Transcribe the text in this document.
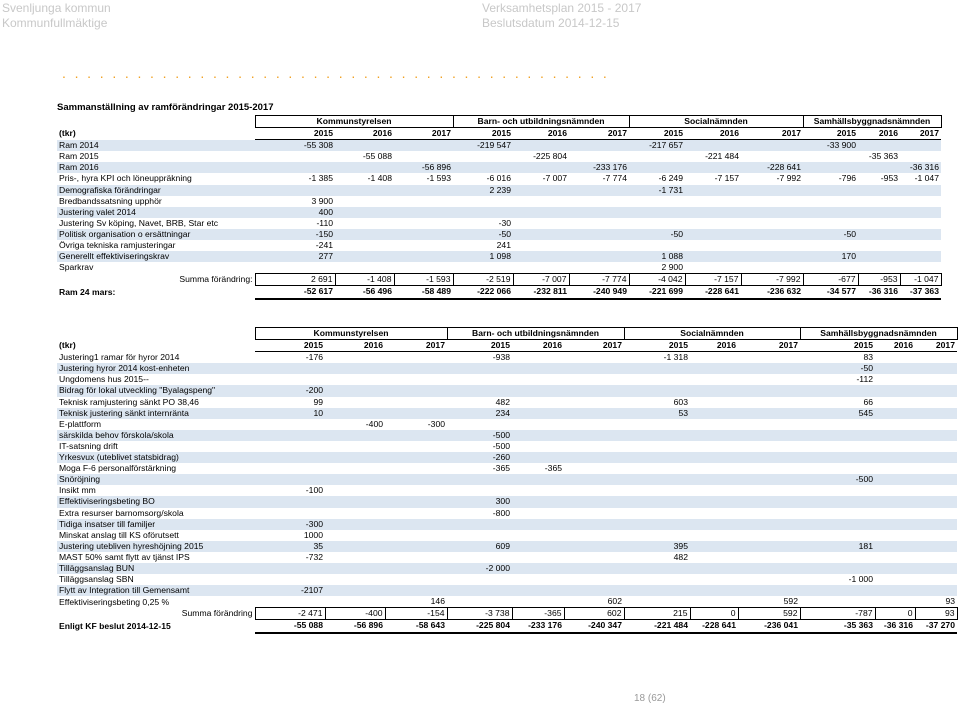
Svenljunga kommun
Kommunfullmäktige
Verksamhetsplan 2015 - 2017
Beslutsdatum 2014-12-15
. . . . . . . . . . . . . . . . . . . . . . . . . . . . . . . . . . . . . . . . . . . .
Sammanställning av ramförändringar 2015-2017
	Kommunstyrelsen			Barn- och utbildningsnämnden			Socialnämnden			Samhällsbyggnadsnämnden		
(tkr)	2015	2016	2017	2015	2016	2017	2015	2016	2017	2015	2016	2017
Ram 2014	-55 308			-219 547			-217 657			-33 900		
Ram 2015		-55 088			-225 804			-221 484			-35 363	
Ram 2016			-56 896			-233 176			-228 641			-36 316
Pris-, hyra KPI och löneuppräkning	-1 385	-1 408	-1 593	-6 016	-7 007	-7 774	-6 249	-7 157	-7 992	-796	-953	-1 047
Demografiska förändringar				2 239			-1 731					
Bredbandssatsning upphör	3 900											
Justering valet 2014	400											
Justering Sv köping, Navet, BRB, Star etc	-110			-30								
Politisk organisation o ersättningar	-150			-50			-50			-50		
Övriga tekniska ramjusteringar	-241			241								
Generellt effektiviseringskrav	277			1 098			1 088			170		
Sparkrav							2 900					
Summa förändring:	2 691	-1 408	-1 593	-2 519	-7 007	-7 774	-4 042	-7 157	-7 992	-677	-953	-1 047
Ram 24 mars:	-52 617	-56 496	-58 489	-222 066	-232 811	-240 949	-221 699	-228 641	-236 632	-34 577	-36 316	-37 363
	Kommunstyrelsen			Barn- och utbildningsnämnden			Socialnämnden			Samhällsbyggnadsnämnden		
(tkr)	2015	2016	2017	2015	2016	2017	2015	2016	2017	2015	2016	2017
Justering1 ramar för hyror 2014	-176			-938			-1 318			83		
Justering hyror 2014 kost-enheten										-50		
Ungdomens hus 2015--										-112		
Bidrag för lokal utveckling "Byalagspeng"	-200											
Teknisk ramjustering sänkt PO 38,46	99			482			603			66		
Teknisk justering sänkt internränta	10			234			53			545		
E-plattform		-400	-300									
särskilda behov förskola/skola				-500								
IT-satsning drift				-500								
Yrkesvux (uteblivet statsbidrag)				-260								
Moga F-6 personalförstärkning				-365	-365							
Snöröjning										-500		
Insikt mm	-100											
Effektiviseringsbeting BO				300								
Extra resurser barnomsorg/skola				-800								
Tidiga insatser till familjer	-300											
Minskat anslag till KS oförutsett	1000											
Justering utebliven hyreshöjning 2015	35			609			395			181		
MAST 50% samt flytt av tjänst IPS	-732						482					
Tilläggsanslag BUN				-2 000								
Tilläggsanslag SBN										-1 000		
Flytt av Integration till Gemensamt	-2107											
Effektiviseringsbeting 0,25 %			146			602			592			93
Summa förändring	-2 471	-400	-154	-3 738	-365	602	215	0	592	-787	0	93
Enligt KF beslut 2014-12-15	-55 088	-56 896	-58 643	-225 804	-233 176	-240 347	-221 484	-228 641	-236 041	-35 363	-36 316	-37 270
18 (62)
